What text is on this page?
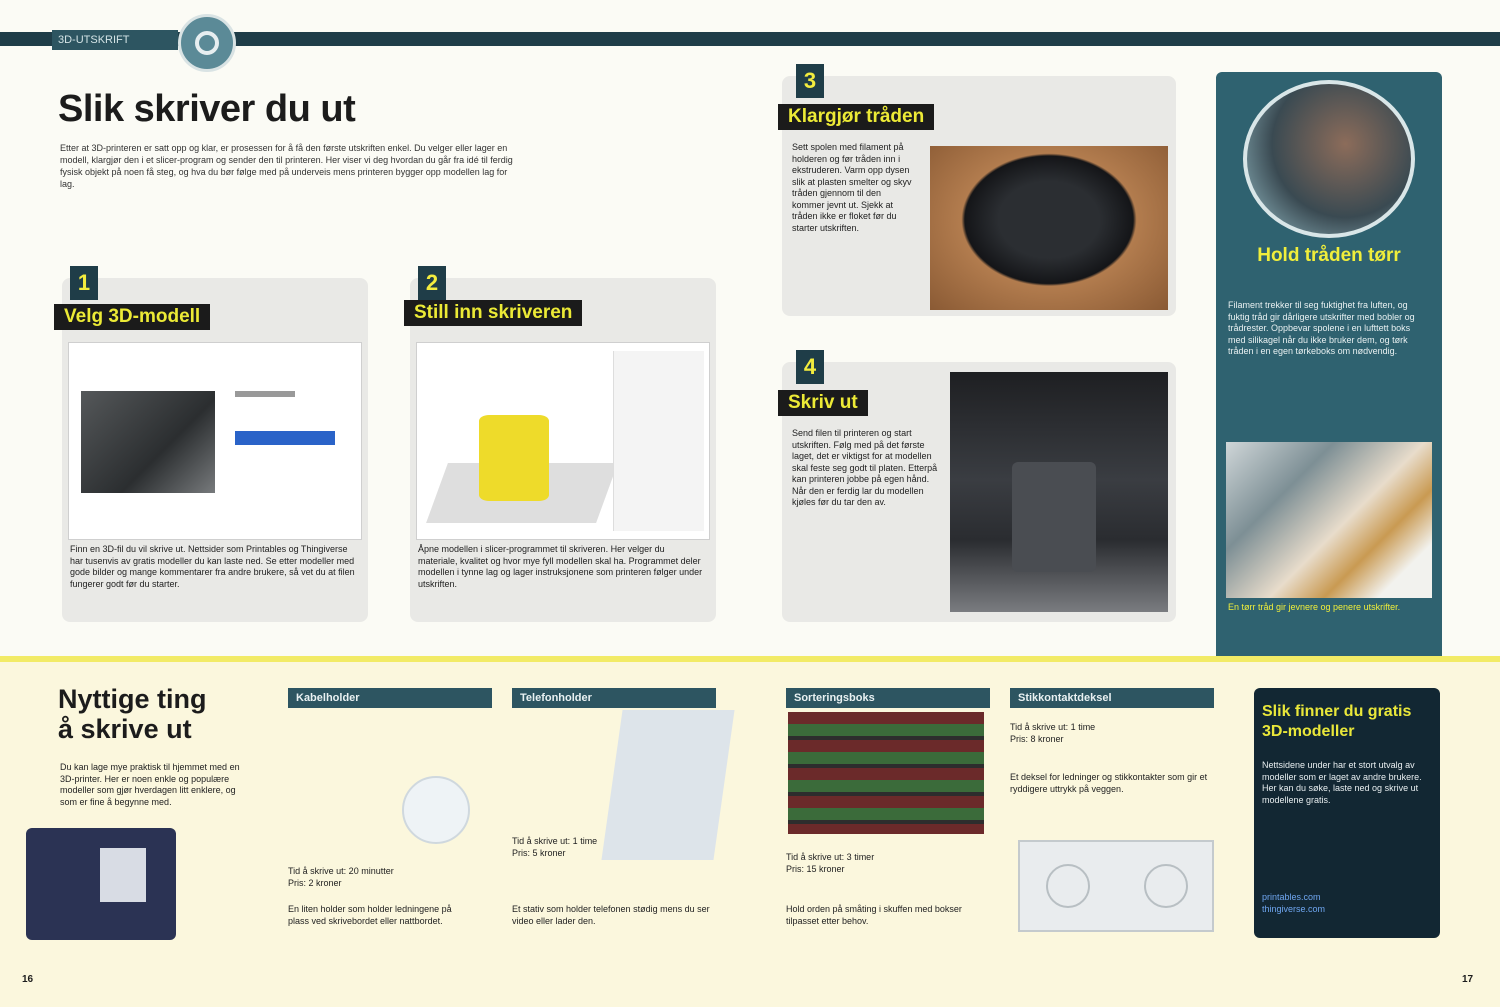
3D-UTSKRIFT
Slik skriver du ut
Etter at 3D-printeren er satt opp og klar, er prosessen for å få den første utskriften enkel. Du velger eller lager en modell, klargjør den i et slicer-program og sender den til printeren. Her viser vi deg hvordan du går fra idé til ferdig fysisk objekt på noen få steg, og hva du bør følge med på underveis mens printeren bygger opp modellen lag for lag.
1
Velg 3D-modell
Finn en 3D-fil du vil skrive ut. Nettsider som Printables og Thingiverse har tusenvis av gratis modeller du kan laste ned. Se etter modeller med gode bilder og mange kommentarer fra andre brukere, så vet du at filen fungerer godt før du starter.
2
Still inn skriveren
Åpne modellen i slicer-programmet til skriveren. Her velger du materiale, kvalitet og hvor mye fyll modellen skal ha. Programmet deler modellen i tynne lag og lager instruksjonene som printeren følger under utskriften.
3
Klargjør tråden
Sett spolen med filament på holderen og før tråden inn i ekstruderen. Varm opp dysen slik at plasten smelter og skyv tråden gjennom til den kommer jevnt ut. Sjekk at tråden ikke er floket før du starter utskriften.
4
Skriv ut
Send filen til printeren og start utskriften. Følg med på det første laget, det er viktigst for at modellen skal feste seg godt til platen. Etterpå kan printeren jobbe på egen hånd. Når den er ferdig lar du modellen kjøles før du tar den av.
Hold tråden tørr
Filament trekker til seg fuktighet fra luften, og fuktig tråd gir dårligere utskrifter med bobler og trådrester. Oppbevar spolene i en lufttett boks med silikagel når du ikke bruker dem, og tørk tråden i en egen tørkeboks om nødvendig.
En tørr tråd gir jevnere og penere utskrifter.
Nyttige ting
å skrive ut
Du kan lage mye praktisk til hjemmet med en 3D-printer. Her er noen enkle og populære modeller som gjør hverdagen litt enklere, og som er fine å begynne med.
Kabelholder
Tid å skrive ut: 20 minutter
Pris: 2 kroner
En liten holder som holder ledningene på plass ved skrivebordet eller nattbordet.
Telefonholder
Tid å skrive ut: 1 time
Pris: 5 kroner
Et stativ som holder telefonen stødig mens du ser video eller lader den.
Sorteringsboks
Tid å skrive ut: 3 timer
Pris: 15 kroner
Hold orden på småting i skuffen med bokser tilpasset etter behov.
Stikkontaktdeksel
Tid å skrive ut: 1 time
Pris: 8 kroner
Et deksel for ledninger og stikkontakter som gir et ryddigere uttrykk på veggen.
Slik finner du gratis 3D-modeller
Nettsidene under har et stort utvalg av modeller som er laget av andre brukere. Her kan du søke, laste ned og skrive ut modellene gratis.
printables.com
thingiverse.com
16	17
